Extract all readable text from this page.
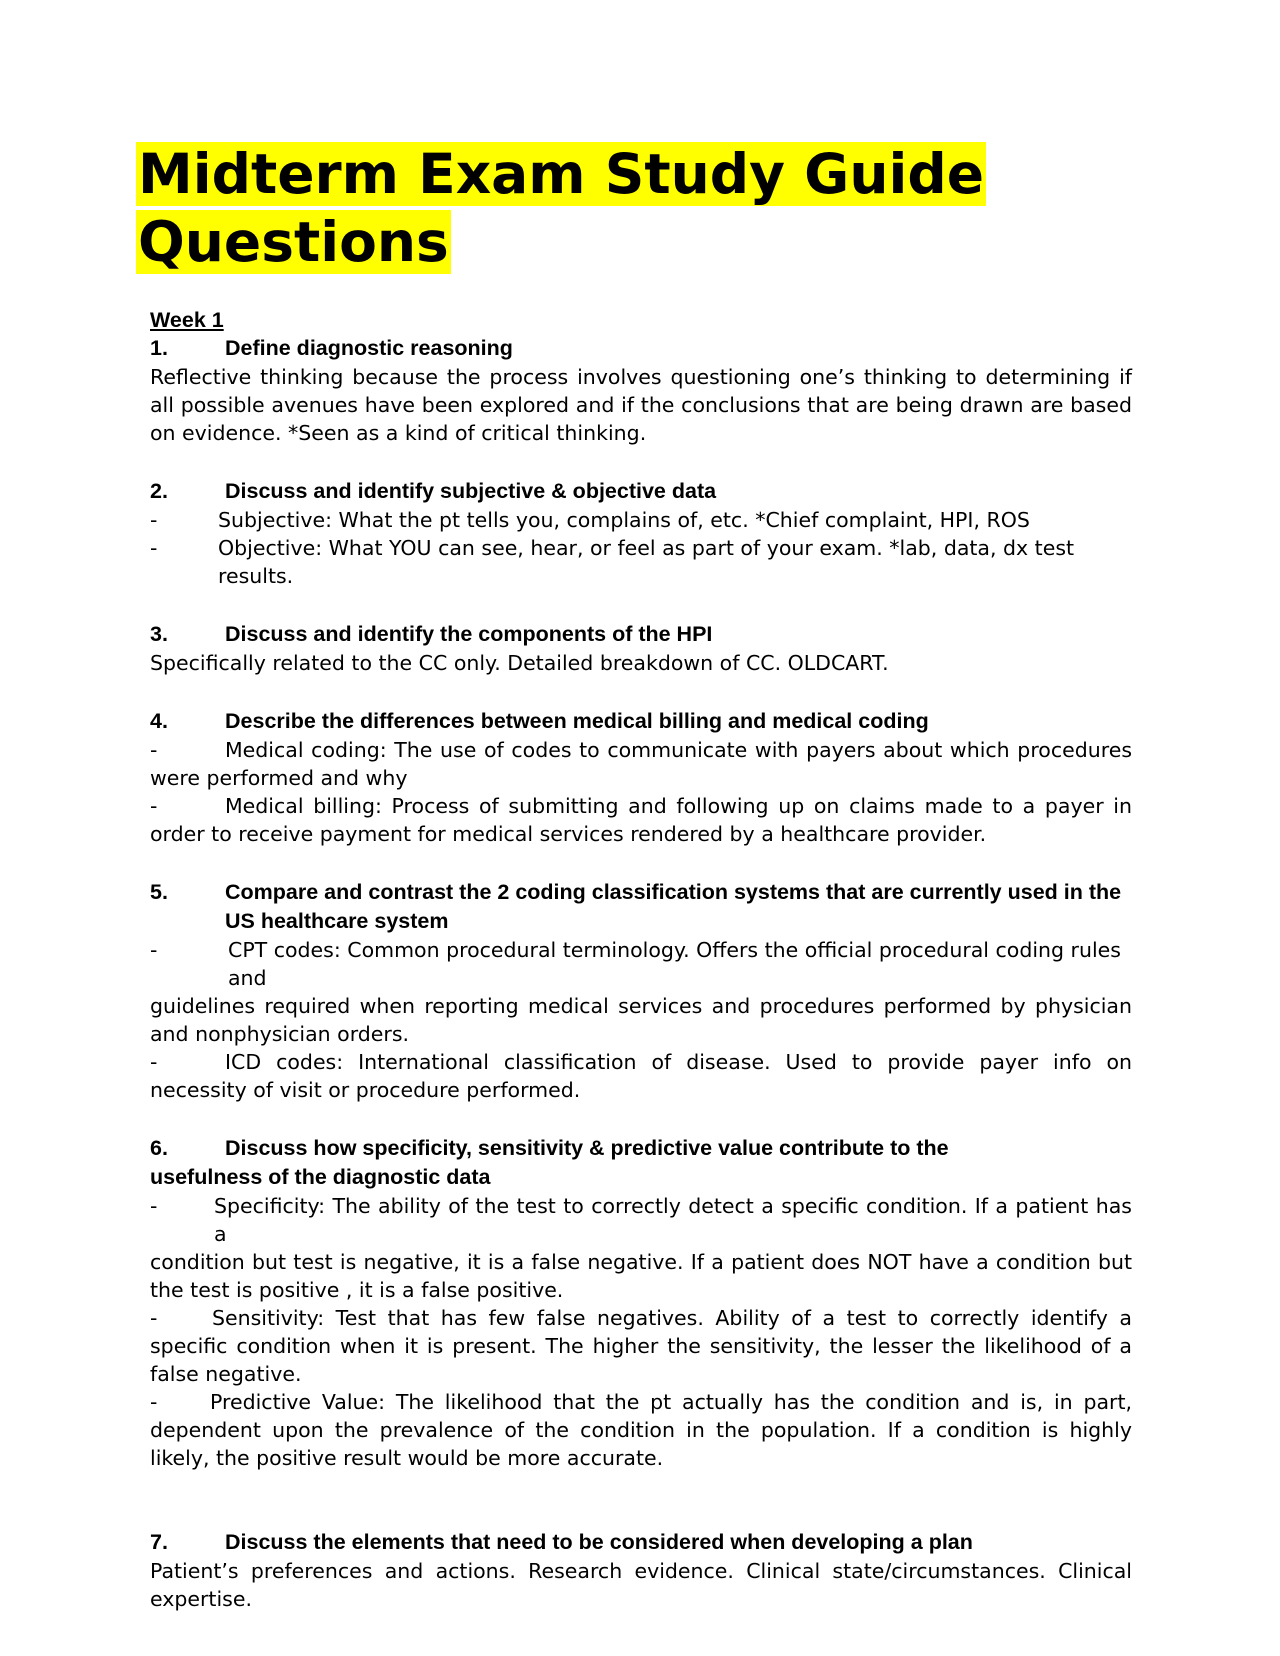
Midterm Exam Study Guide
Questions
Week 1
1.	Define diagnostic reasoning
Reflective thinking because the process involves questioning one’s thinking to determining if all possible avenues have been explored and if the conclusions that are being drawn are based on evidence. *Seen as a kind of critical thinking.
2.	Discuss and identify subjective & objective data
-	Subjective: What the pt tells you, complains of, etc. *Chief complaint, HPI, ROS
-	Objective: What YOU can see, hear, or feel as part of your exam. *lab, data, dx test results.
3.	Discuss and identify the components of the HPI
Specifically related to the CC only. Detailed breakdown of CC. OLDCART.
4.	Describe the differences between medical billing and medical coding
-	Medical coding: The use of codes to communicate with payers about which procedures were performed and why
-	Medical billing: Process of submitting and following up on claims made to a payer in order to receive payment for medical services rendered by a healthcare provider.
5.	Compare and contrast the 2 coding classification systems that are currently used in the US healthcare system
-	CPT codes: Common procedural terminology. Offers the official procedural coding rules and
guidelines required when reporting medical services and procedures performed by physician and nonphysician orders.
-	ICD codes: International classification of disease. Used to provide payer info on necessity of visit or procedure performed.
6.	Discuss how specificity, sensitivity & predictive value contribute to the
usefulness of the diagnostic data
-	Specificity: The ability of the test to correctly detect a specific condition. If a patient has a
condition but test is negative, it is a false negative. If a patient does NOT have a condition but the test is positive , it is a false positive.
-	Sensitivity: Test that has few false negatives. Ability of a test to correctly identify a specific condition when it is present. The higher the sensitivity, the lesser the likelihood of a false negative.
-	Predictive Value: The likelihood that the pt actually has the condition and is, in part, dependent upon the prevalence of the condition in the population. If a condition is highly likely, the positive result would be more accurate.
7.	Discuss the elements that need to be considered when developing a plan
Patient’s preferences and actions. Research evidence. Clinical state/circumstances. Clinical expertise.
